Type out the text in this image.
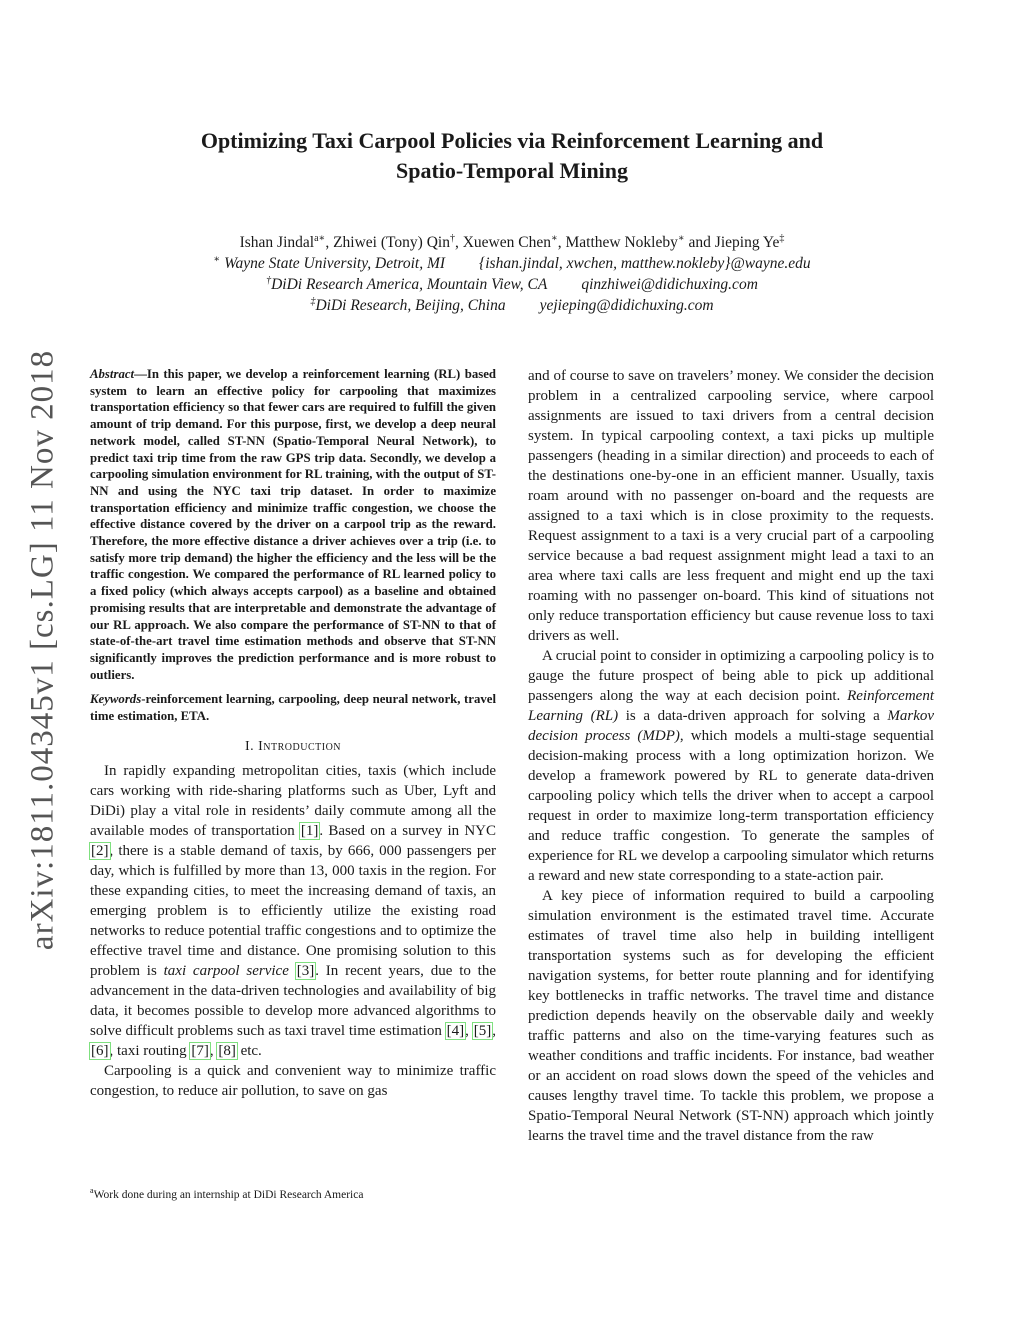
arXiv:1811.04345v1 [cs.LG] 11 Nov 2018
Optimizing Taxi Carpool Policies via Reinforcement Learning and
Spatio-Temporal Mining
Ishan Jindal$^{a∗}$, Zhiwei (Tony) Qin†, Xuewen Chen∗, Matthew Nokleby∗ and Jieping Ye‡
∗ Wayne State University, Detroit, MI {ishan.jindal, xwchen, matthew.nokleby}@wayne.edu
†DiDi Research America, Mountain View, CA qinzhiwei@didichuxing.com
‡DiDi Research, Beijing, China yejieping@didichuxing.com

Abstract—In this paper, we develop a reinforcement learning (RL) based system to learn an effective policy for carpooling that maximizes transportation efficiency so that fewer cars are required to fulfill the given amount of trip demand. For this purpose, first, we develop a deep neural network model, called ST-NN (Spatio-Temporal Neural Network), to predict taxi trip time from the raw GPS trip data. Secondly, we develop a carpooling simulation environment for RL training, with the output of ST-NN and using the NYC taxi trip dataset. In order to maximize transportation efficiency and minimize traffic congestion, we choose the effective distance covered by the driver on a carpool trip as the reward. Therefore, the more effective distance a driver achieves over a trip (i.e. to satisfy more trip demand) the higher the efficiency and the less will be the traffic congestion. We compared the performance of RL learned policy to a fixed policy (which always accepts carpool) as a baseline and obtained promising results that are interpretable and demonstrate the advantage of our RL approach. We also compare the performance of ST-NN to that of state-of-the-art travel time estimation methods and observe that ST-NN significantly improves the prediction performance and is more robust to outliers.

Keywords-reinforcement learning, carpooling, deep neural network, travel time estimation, ETA.

I. Introduction

In rapidly expanding metropolitan cities, taxis (which include cars working with ride-sharing platforms such as Uber, Lyft and DiDi) play a vital role in residents’ daily commute among all the available modes of transportation [1]. Based on a survey in NYC [2], there is a stable demand of taxis, by 666, 000 passengers per day, which is fulfilled by more than 13, 000 taxis in the region. For these expanding cities, to meet the increasing demand of taxis, an emerging problem is to efficiently utilize the existing road networks to reduce potential traffic congestions and to optimize the effective travel time and distance. One promising solution to this problem is taxi carpool service [3]. In recent years, due to the advancement in the data-driven technologies and availability of big data, it becomes possible to develop more advanced algorithms to solve difficult problems such as taxi travel time estimation [4], [5], [6], taxi routing [7], [8] etc.

Carpooling is a quick and convenient way to minimize traffic congestion, to reduce air pollution, to save on gas

$^a$Work done during an internship at DiDi Research America

and of course to save on travelers’ money. We consider the decision problem in a centralized carpooling service, where carpool assignments are issued to taxi drivers from a central decision system. In typical carpooling context, a taxi picks up multiple passengers (heading in a similar direction) and proceeds to each of the destinations one-by-one in an efficient manner. Usually, taxis roam around with no passenger on-board and the requests are assigned to a taxi which is in close proximity to the requests. Request assignment to a taxi is a very crucial part of a carpooling service because a bad request assignment might lead a taxi to an area where taxi calls are less frequent and might end up the taxi roaming with no passenger on-board. This kind of situations not only reduce transportation efficiency but cause revenue loss to taxi drivers as well.

A crucial point to consider in optimizing a carpooling policy is to gauge the future prospect of being able to pick up additional passengers along the way at each decision point. Reinforcement Learning (RL) is a data-driven approach for solving a Markov decision process (MDP), which models a multi-stage sequential decision-making process with a long optimization horizon. We develop a framework powered by RL to generate data-driven carpooling policy which tells the driver when to accept a carpool request in order to maximize long-term transportation efficiency and reduce traffic congestion. To generate the samples of experience for RL we develop a carpooling simulator which returns a reward and new state corresponding to a state-action pair.

A key piece of information required to build a carpooling simulation environment is the estimated travel time. Accurate estimates of travel time also help in building intelligent transportation systems such as for developing the efficient navigation systems, for better route planning and for identifying key bottlenecks in traffic networks. The travel time and distance prediction depends heavily on the observable daily and weekly traffic patterns and also on the time-varying features such as weather conditions and traffic incidents. For instance, bad weather or an accident on road slows down the speed of the vehicles and causes lengthy travel time. To tackle this problem, we propose a Spatio-Temporal Neural Network (ST-NN) approach which jointly learns the travel time and the travel distance from the raw
